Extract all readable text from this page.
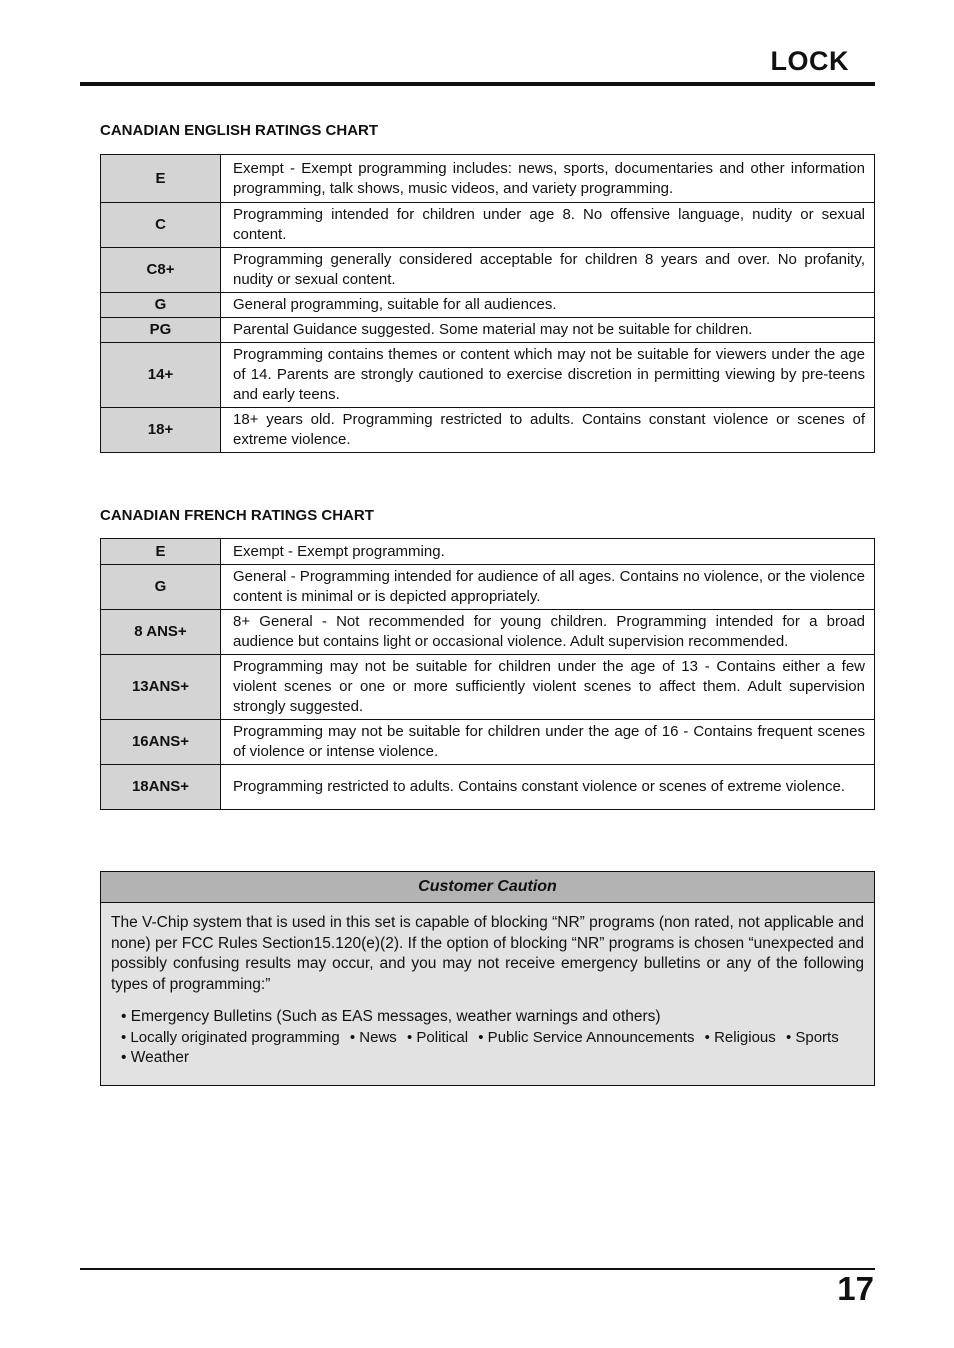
LOCK
CANADIAN ENGLISH RATINGS CHART
E	Exempt - Exempt programming includes: news, sports, documentaries and other information programming, talk shows, music videos, and variety programming.
C	Programming intended for children under age 8. No offensive language, nudity or sexual content.
C8+	Programming generally considered acceptable for children 8 years and over. No profanity, nudity or sexual content.
G	General programming, suitable for all audiences.
PG	Parental Guidance suggested. Some material may not be suitable for children.
14+	Programming contains themes or content which may not be suitable for viewers under the age of 14. Parents are strongly cautioned to exercise discretion in permitting viewing by pre-teens and early teens.
18+	18+ years old. Programming restricted to adults. Contains constant violence or scenes of extreme violence.
CANADIAN FRENCH RATINGS CHART
E	Exempt - Exempt programming.
G	General - Programming intended for audience of all ages. Contains no violence, or the violence content is minimal or is depicted appropriately.
8 ANS+	8+ General - Not recommended for young children. Programming intended for a broad audience but contains light or occasional violence. Adult supervision recommended.
13ANS+	Programming may not be suitable for children under the age of 13 - Contains either a few violent scenes or one or more sufficiently violent scenes to affect them. Adult supervision strongly suggested.
16ANS+	Programming may not be suitable for children under the age of 16 - Contains frequent scenes of violence or intense violence.
18ANS+	Programming restricted to adults. Contains constant violence or scenes of extreme violence.
Customer Caution

The V-Chip system that is used in this set is capable of blocking “NR” programs (non rated, not applicable and none) per FCC Rules Section15.120(e)(2). If the option of blocking “NR” programs is chosen “unexpected and possibly confusing results may occur, and you may not receive emergency bulletins or any of the following types of programming:”

• Emergency Bulletins (Such as EAS messages, weather warnings and others)
• Locally originated programming • News • Political • Public Service Announcements • Religious • Sports
• Weather
17
